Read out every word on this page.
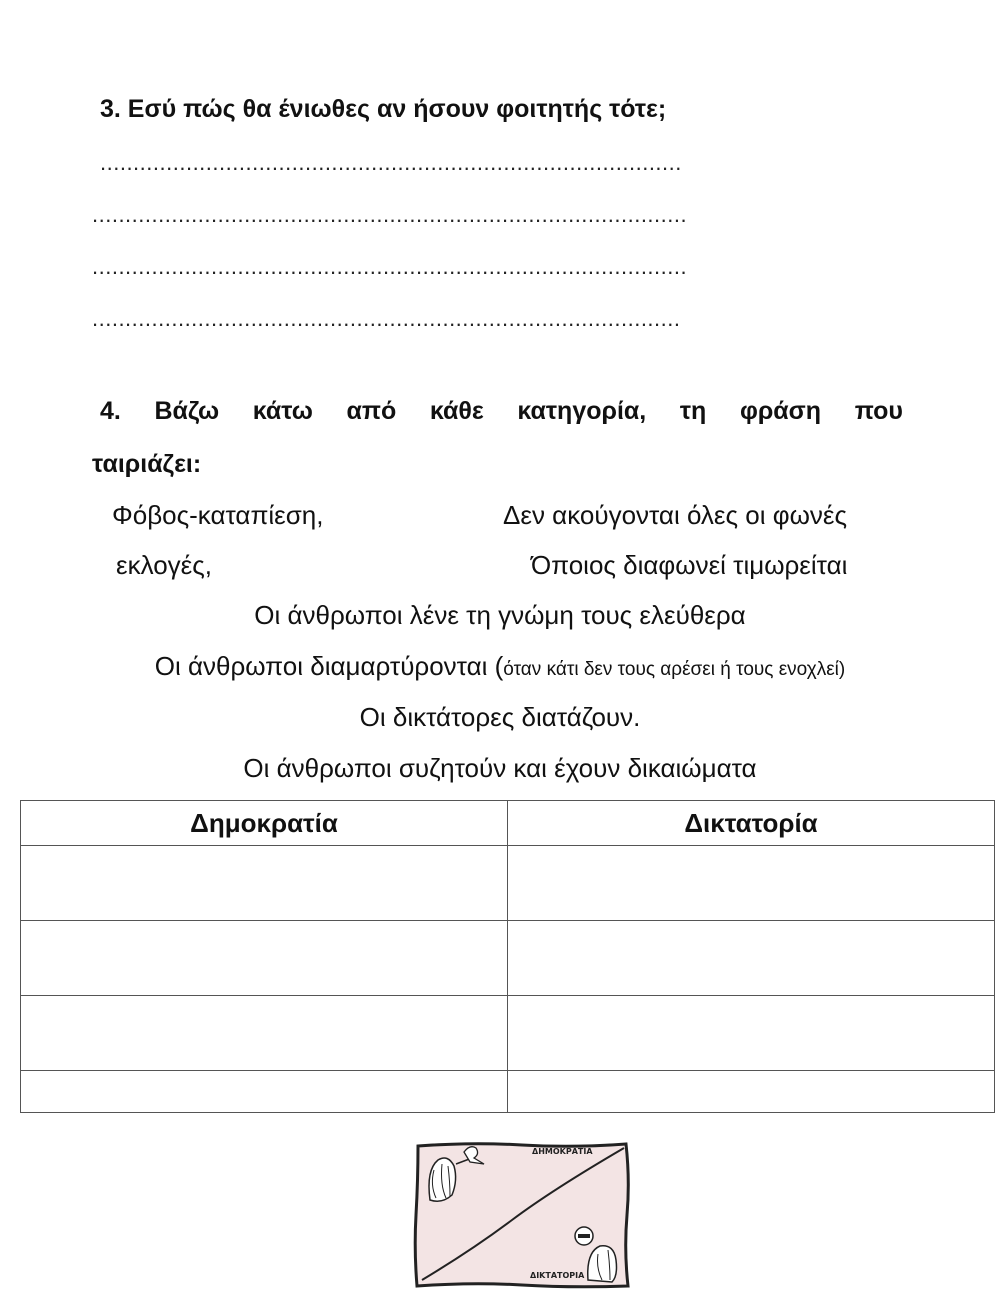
3. Εσύ πώς θα ένιωθες αν ήσουν φοιτητής τότε;
........................................................................................
..........................................................................................
..........................................................................................
.........................................................................................
4. Βάζω κάτω από κάθε κατηγορία, τη φράση που
ταιριάζει:
Φόβος-καταπίεση,	Δεν ακούγονται όλες οι φωνές
εκλογές,	Όποιος διαφωνεί τιμωρείται
Οι άνθρωποι λένε τη γνώμη τους ελεύθερα
Οι άνθρωποι διαμαρτύρονται (όταν κάτι δεν τους αρέσει ή τους ενοχλεί)
Οι δικτάτορες διατάζουν.
Οι άνθρωποι συζητούν και έχουν δικαιώματα
Δημοκρατία	Δικτατορία

ΔΗΜΟΚΡΑΤΙΑ
ΔΙΚΤΑΤΟΡΙΑ
